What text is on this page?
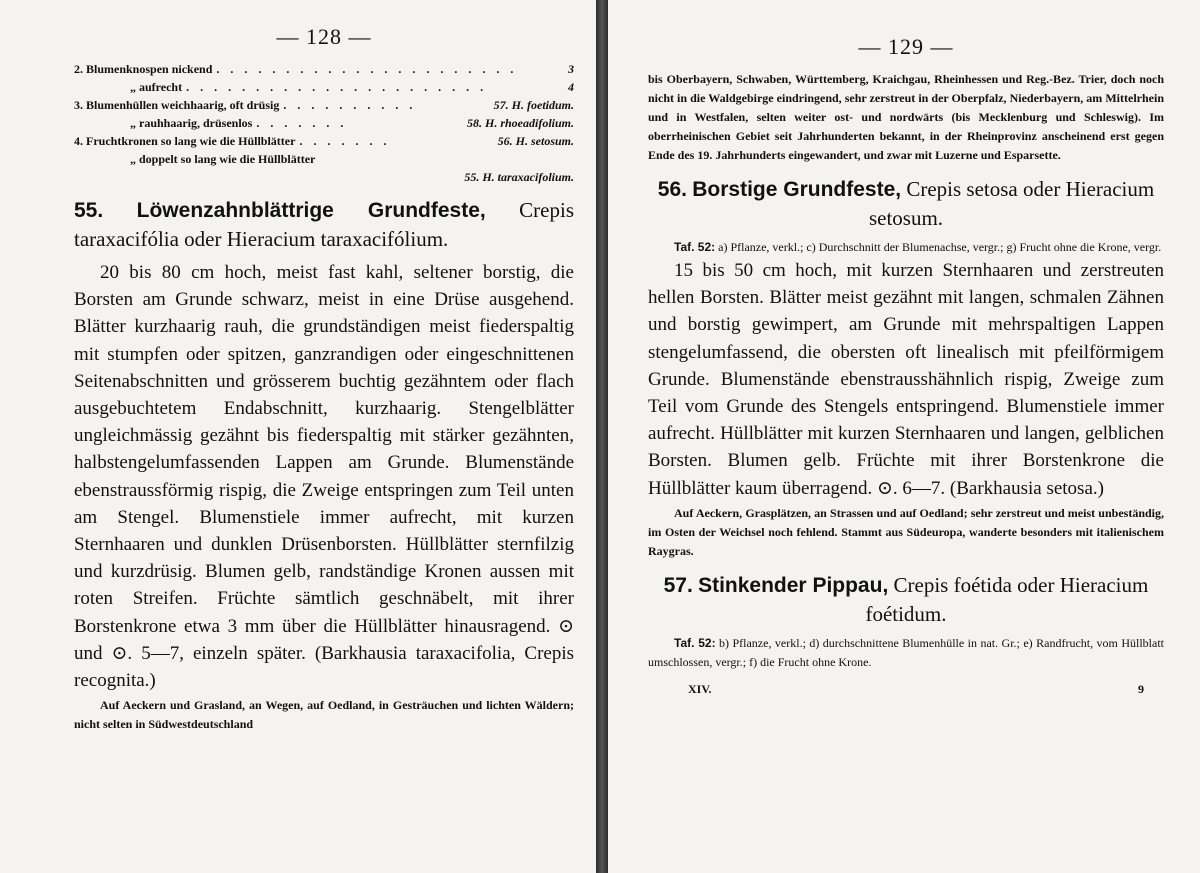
— 128 —
2. Blumenknospen nickend . . . . . . . . . . . . . . . . . . . . . .	3
„ aufrecht . . . . . . . . . . . . . . . . . . . . . .	4
3. Blumenhüllen weichhaarig, oft drüsig . . . . . . . . . .	57. H. foetidum.
„ rauhhaarig, drüsenlos . . . . . . .	58. H. rhoeadifolium.
4. Fruchtkronen so lang wie die Hüllblätter . . . . . . .	56. H. setosum.
„ doppelt so lang wie die Hüllblätter
55. H. taraxacifolium.
55. Löwenzahnblättrige Grundfeste, Crepis taraxacifólia oder Hieracium taraxacifólium.
20 bis 80 cm hoch, meist fast kahl, seltener borstig, die Borsten am Grunde schwarz, meist in eine Drüse ausgehend. Blätter kurzhaarig rauh, die grundständigen meist fiederspaltig mit stumpfen oder spitzen, ganzrandigen oder eingeschnittenen Seitenabschnitten und grösserem buchtig gezähntem oder flach ausgebuchtetem Endabschnitt, kurzhaarig. Stengelblätter ungleichmässig gezähnt bis fiederspaltig mit stärker gezähnten, halbstengelumfassenden Lappen am Grunde. Blumenstände ebenstraussförmig rispig, die Zweige entspringen zum Teil unten am Stengel. Blumenstiele immer aufrecht, mit kurzen Sternhaaren und dunklen Drüsenborsten. Hüllblätter sternfilzig und kurzdrüsig. Blumen gelb, randständige Kronen aussen mit roten Streifen. Früchte sämtlich geschnäbelt, mit ihrer Borstenkrone etwa 3 mm über die Hüllblätter hinausragend. ⊙ und ⊙. 5—7, einzeln später. (Barkhausia taraxacifolia, Crepis recognita.)
Auf Aeckern und Grasland, an Wegen, auf Oedland, in Gesträuchen und lichten Wäldern; nicht selten in Südwestdeutschland
— 129 —
bis Oberbayern, Schwaben, Württemberg, Kraichgau, Rheinhessen und Reg.-Bez. Trier, doch noch nicht in die Waldgebirge eindringend, sehr zerstreut in der Oberpfalz, Niederbayern, am Mittelrhein und in Westfalen, selten weiter ost- und nordwärts (bis Mecklenburg und Schleswig). Im oberrheinischen Gebiet seit Jahrhunderten bekannt, in der Rheinprovinz anscheinend erst gegen Ende des 19. Jahrhunderts eingewandert, und zwar mit Luzerne und Esparsette.
56. Borstige Grundfeste, Crepis setosa oder Hieracium setosum.
Taf. 52: a) Pflanze, verkl.; c) Durchschnitt der Blumenachse, vergr.; g) Frucht ohne die Krone, vergr.
15 bis 50 cm hoch, mit kurzen Sternhaaren und zerstreuten hellen Borsten. Blätter meist gezähnt mit langen, schmalen Zähnen und borstig gewimpert, am Grunde mit mehrspaltigen Lappen stengelumfassend, die obersten oft linealisch mit pfeilförmigem Grunde. Blumenstände ebenstrausshähnlich rispig, Zweige zum Teil vom Grunde des Stengels entspringend. Blumenstiele immer aufrecht. Hüllblätter mit kurzen Sternhaaren und langen, gelblichen Borsten. Blumen gelb. Früchte mit ihrer Borstenkrone die Hüllblätter kaum überragend. ⊙. 6—7. (Barkhausia setosa.)
Auf Aeckern, Grasplätzen, an Strassen und auf Oedland; sehr zerstreut und meist unbeständig, im Osten der Weichsel noch fehlend. Stammt aus Südeuropa, wanderte besonders mit italienischem Raygras.
57. Stinkender Pippau, Crepis foétida oder Hieracium foétidum.
Taf. 52: b) Pflanze, verkl.; d) durchschnittene Blumenhülle in nat. Gr.; e) Randfrucht, vom Hüllblatt umschlossen, vergr.; f) die Frucht ohne Krone.
XIV.	9
